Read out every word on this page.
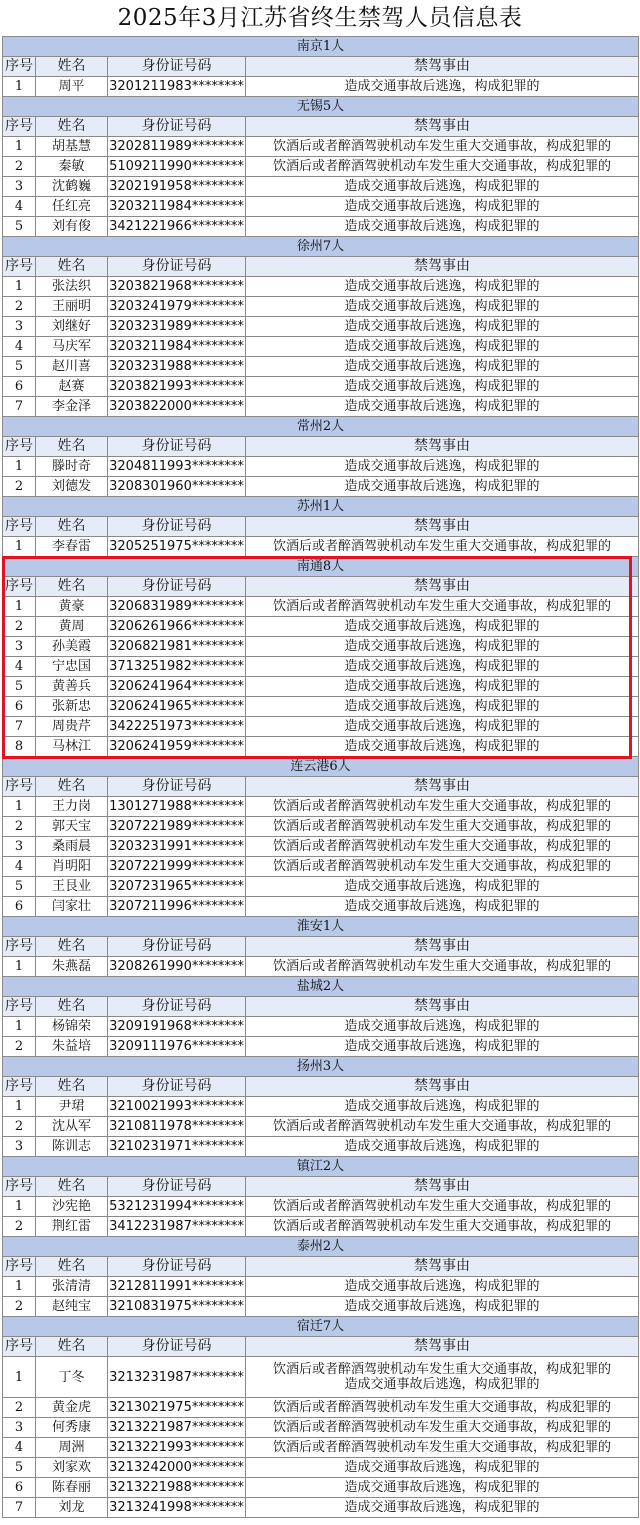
2025年3月江苏省终生禁驾人员信息表
南京1人			
序号	姓名	身份证号码	禁驾事由
1	周平	3201211983********	造成交通事故后逃逸，构成犯罪的

无锡5人			
序号	姓名	身份证号码	禁驾事由
1	胡基慧	3202811989********	饮酒后或者醉酒驾驶机动车发生重大交通事故，构成犯罪的

2	秦敏	5109211990********	饮酒后或者醉酒驾驶机动车发生重大交通事故，构成犯罪的

3	沈鹤巍	3202191958********	造成交通事故后逃逸，构成犯罪的

4	任红亮	3203211984********	造成交通事故后逃逸，构成犯罪的

5	刘有俊	3421221966********	造成交通事故后逃逸，构成犯罪的

徐州7人			
序号	姓名	身份证号码	禁驾事由
1	张法织	3203821968********	造成交通事故后逃逸，构成犯罪的

2	王丽明	3203241979********	造成交通事故后逃逸，构成犯罪的

3	刘继好	3203231989********	造成交通事故后逃逸，构成犯罪的

4	马庆军	3203211984********	造成交通事故后逃逸，构成犯罪的

5	赵川喜	3203231988********	造成交通事故后逃逸，构成犯罪的

6	赵赛	3203821993********	造成交通事故后逃逸，构成犯罪的

7	李金泽	3203822000********	造成交通事故后逃逸，构成犯罪的

常州2人			
序号	姓名	身份证号码	禁驾事由
1	滕时奇	3204811993********	造成交通事故后逃逸，构成犯罪的

2	刘德发	3208301960********	造成交通事故后逃逸，构成犯罪的

苏州1人			
序号	姓名	身份证号码	禁驾事由
1	李春雷	3205251975********	饮酒后或者醉酒驾驶机动车发生重大交通事故，构成犯罪的

南通8人			
序号	姓名	身份证号码	禁驾事由
1	黄豪	3206831989********	饮酒后或者醉酒驾驶机动车发生重大交通事故，构成犯罪的

2	黄周	3206261966********	造成交通事故后逃逸，构成犯罪的

3	孙美霞	3206821981********	造成交通事故后逃逸，构成犯罪的

4	宁忠国	3713251982********	造成交通事故后逃逸，构成犯罪的

5	黄善兵	3206241964********	造成交通事故后逃逸，构成犯罪的

6	张新忠	3206241965********	造成交通事故后逃逸，构成犯罪的

7	周贵芹	3422251973********	造成交通事故后逃逸，构成犯罪的

8	马林江	3206241959********	造成交通事故后逃逸，构成犯罪的

连云港6人			
序号	姓名	身份证号码	禁驾事由
1	王力岗	1301271988********	饮酒后或者醉酒驾驶机动车发生重大交通事故，构成犯罪的

2	郭天宝	3207221989********	饮酒后或者醉酒驾驶机动车发生重大交通事故，构成犯罪的

3	桑雨晨	3203231991********	饮酒后或者醉酒驾驶机动车发生重大交通事故，构成犯罪的

4	肖明阳	3207221999********	饮酒后或者醉酒驾驶机动车发生重大交通事故，构成犯罪的

5	王艮业	3207231965********	造成交通事故后逃逸，构成犯罪的

6	闫家壮	3207211996********	造成交通事故后逃逸，构成犯罪的

淮安1人			
序号	姓名	身份证号码	禁驾事由
1	朱燕磊	3208261990********	饮酒后或者醉酒驾驶机动车发生重大交通事故，构成犯罪的

盐城2人			
序号	姓名	身份证号码	禁驾事由
1	杨锦荣	3209191968********	造成交通事故后逃逸，构成犯罪的

2	朱益培	3209111976********	造成交通事故后逃逸，构成犯罪的

扬州3人			
序号	姓名	身份证号码	禁驾事由
1	尹珺	3210021993********	造成交通事故后逃逸，构成犯罪的

2	沈从军	3210811978********	饮酒后或者醉酒驾驶机动车发生重大交通事故，构成犯罪的

3	陈训志	3210231971********	造成交通事故后逃逸，构成犯罪的

镇江2人			
序号	姓名	身份证号码	禁驾事由
1	沙宪艳	5321231994********	饮酒后或者醉酒驾驶机动车发生重大交通事故，构成犯罪的

2	荆红雷	3412231987********	饮酒后或者醉酒驾驶机动车发生重大交通事故，构成犯罪的

泰州2人			
序号	姓名	身份证号码	禁驾事由
1	张清清	3212811991********	造成交通事故后逃逸，构成犯罪的

2	赵纯宝	3210831975********	造成交通事故后逃逸，构成犯罪的

宿迁7人			
序号	姓名	身份证号码	禁驾事由
1	丁冬	3213231987********	饮酒后或者醉酒驾驶机动车发生重大交通事故，构成犯罪的
造成交通事故后逃逸，构成犯罪的

2	黄金虎	3213021975********	饮酒后或者醉酒驾驶机动车发生重大交通事故，构成犯罪的

3	何秀康	3213221987********	饮酒后或者醉酒驾驶机动车发生重大交通事故，构成犯罪的

4	周洲	3213221993********	饮酒后或者醉酒驾驶机动车发生重大交通事故，构成犯罪的

5	刘家欢	3213242000********	造成交通事故后逃逸，构成犯罪的

6	陈春丽	3213221988********	造成交通事故后逃逸，构成犯罪的

7	刘龙	3213241998********	造成交通事故后逃逸，构成犯罪的
